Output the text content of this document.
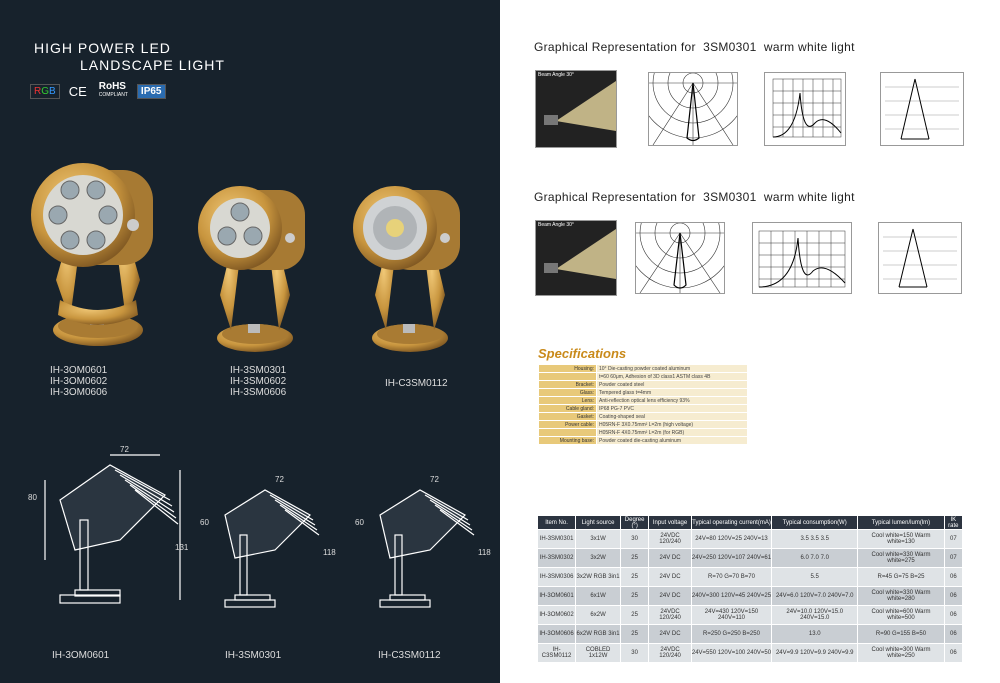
HIGH POWER LED
LANDSCAPE LIGHT
RGB	CE	RoHS
COMPLIANT	IP65
IH-3OM0601
IH-3OM0602
IH-3OM0606
IH-3SM0301
IH-3SM0602
IH-3SM0606
IH-C3SM0112
72
80
131
72
60
118
72
60
118
IH-3OM0601	IH-3SM0301	IH-C3SM0112
Graphical Representation for 3SM0301 warm white light
Beam Angle 30°
Graphical Representation for 3SM0301 warm white light
Beam Angle 30°
Specifications
Housing:	10° Die-casting powder coated aluminum
	t=60 60μm, Adhesion of 3D class1 ASTM class 4B
Bracket:	Powder coated steel
Glass:	Tempered glass t=4mm
Lens:	Anti-reflection optical lens efficiency 93%
Cable gland:	IP68 PG-7 PVC
Gasket:	Coating-shaped seal
Power cable:	H05RN-F 3X0.75mm² L=2m (high voltage)
	H05RN-F 4X0.75mm² L=2m (for RGB)
Mounting base:	Powder coated die-casting aluminum
Item No.	Light source	Degree (°)	Input voltage	Typical operating current(mA)	Typical consumption(W)	Typical lumen/lum(lm)	IK rate
IH-3SM0301	3x1W	30	24VDC 120/240	24V=80 120V=25 240V=13	3.5 3.5 3.5	Cool white=150 Warm white=130	07
IH-3SM0302	3x2W	25	24V DC	24V=250 120V=107 240V=61	6.0 7.0 7.0	Cool white=330 Warm white=275	07
IH-3SM0306	3x2W RGB 3in1	25	24V DC	R=70 G=70 B=70	5.5	R=45 G=75 B=25	06
IH-3OM0601	6x1W	25	24V DC	240V=300 120V=45 240V=25	24V=6.0 120V=7.0 240V=7.0	Cool white=330 Warm white=280	06
IH-3OM0602	6x2W	25	24VDC 120/240	24V=430 120V=150 240V=110	24V=10.0 120V=15.0 240V=15.0	Cool white=600 Warm white=500	06
IH-3OM0606	6x2W RGB 3in1	25	24V DC	R=250 G=250 B=250	13.0	R=90 G=155 B=50	06
IH-C3SM0112	COBLED 1x12W	30	24VDC 120/240	24V=550 120V=100 240V=50	24V=9.9 120V=9.9 240V=9.9	Cool white=300 Warm white=250	06
